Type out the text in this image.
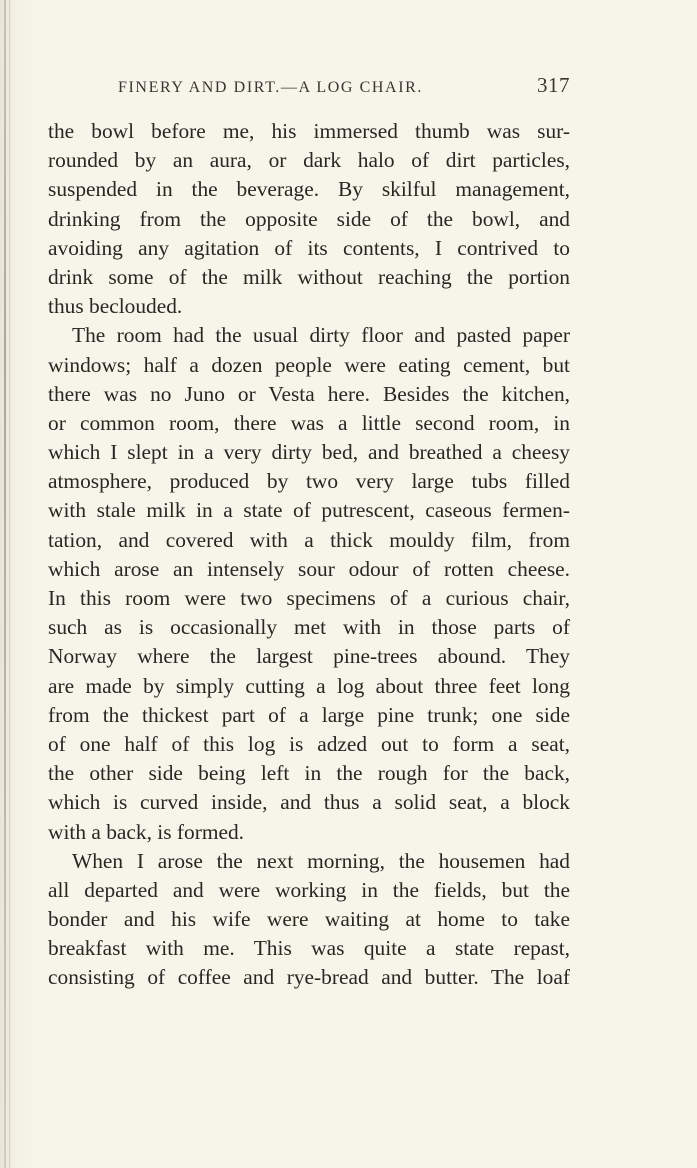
FINERY AND DIRT.—A LOG CHAIR.	317
the bowl before me, his immersed thumb was sur-
rounded by an aura, or dark halo of dirt particles,
suspended in the beverage. By skilful management,
drinking from the opposite side of the bowl, and
avoiding any agitation of its contents, I contrived to
drink some of the milk without reaching the portion
thus beclouded.
The room had the usual dirty floor and pasted paper
windows; half a dozen people were eating cement, but
there was no Juno or Vesta here. Besides the kitchen,
or common room, there was a little second room, in
which I slept in a very dirty bed, and breathed a cheesy
atmosphere, produced by two very large tubs filled
with stale milk in a state of putrescent, caseous fermen-
tation, and covered with a thick mouldy film, from
which arose an intensely sour odour of rotten cheese.
In this room were two specimens of a curious chair,
such as is occasionally met with in those parts of
Norway where the largest pine-trees abound. They
are made by simply cutting a log about three feet long
from the thickest part of a large pine trunk; one side
of one half of this log is adzed out to form a seat,
the other side being left in the rough for the back,
which is curved inside, and thus a solid seat, a block
with a back, is formed.
When I arose the next morning, the housemen had
all departed and were working in the fields, but the
bonder and his wife were waiting at home to take
breakfast with me. This was quite a state repast,
consisting of coffee and rye-bread and butter. The loaf
